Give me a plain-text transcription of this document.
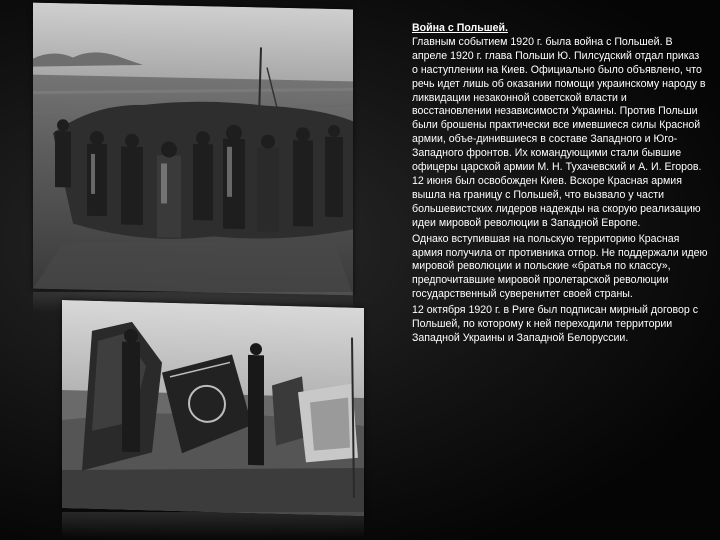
Война с Польшей.

Главным событием 1920 г. была война с Польшей. В апреле 1920 г. глава Польши Ю. Пилсудский отдал приказ о наступлении на Киев. Официально было объявлено, что речь идет лишь об оказании помощи украинскому народу в ликвидации незаконной советской власти и восстановлении независимости Украины. Против Польши были брошены практически все имевшиеся силы Красной армии, объе-динившиеся в составе Западного и Юго-Западного фронтов. Их командующими стали бывшие офицеры царской армии М. Н. Тухачевский и А. И. Егоров. 12 июня был освобожден Киев. Вскоре Красная армия вышла на границу с Польшей, что вызвало у части большевистских лидеров надежды на скорую реализацию идеи мировой революции в Западной Европе.

Однако вступившая на польскую территорию Красная армия получила от противника отпор. Не поддержали идею мировой революции и польские «братья по классу», предпочитавшие мировой пролетарской революции государственный суверенитет своей страны.

12 октября 1920 г. в Риге был подписан мирный договор с Польшей, по которому к ней переходили территории Западной Украины и Западной Белоруссии.
